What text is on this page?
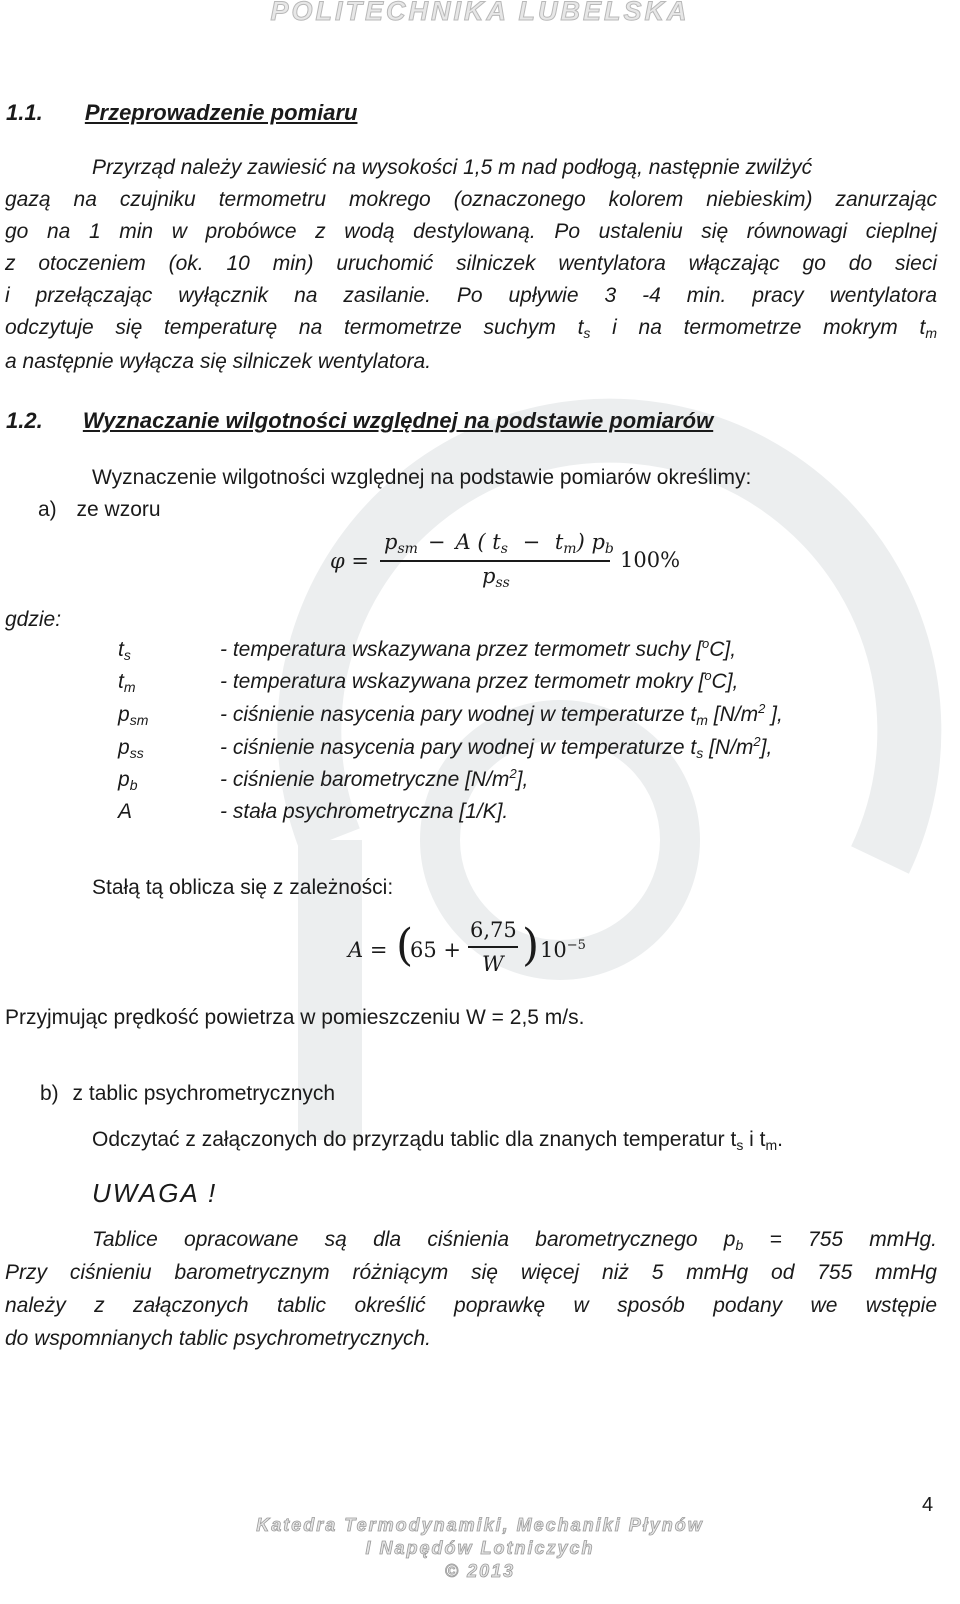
POLITECHNIKA LUBELSKA
1.1. Przeprowadzenie pomiaru
Przyrząd należy zawiesić na wysokości 1,5 m nad podłogą, następnie zwilżyć
gazą na czujniku termometru mokrego (oznaczonego kolorem niebieskim) zanurzając
go na 1 min w probówce z wodą destylowaną. Po ustaleniu się równowagi cieplnej
z otoczeniem (ok. 10 min) uruchomić silniczek wentylatora włączając go do sieci
i przełączając wyłącznik na zasilanie. Po upływie 3 -4 min. pracy wentylatora
odczytuje się temperaturę na termometrze suchym $t_s$ i na termometrze mokrym $t_m$
a następnie wyłącza się silniczek wentylatora.
1.2. Wyznaczanie wilgotności względnej na podstawie pomiarów
Wyznaczenie wilgotności względnej na podstawie pomiarów określimy:
a) ze wzoru
φ =
$p_{sm} - A$ ( $t_s - t_m$) $p_b$
$p_{ss}$
100%
gdzie:
$t_s$	- temperatura wskazywana przez termometr suchy [$^o$C],
$t_m$	- temperatura wskazywana przez termometr mokry [$^o$C],
$p_{sm}$	- ciśnienie nasycenia pary wodnej w temperaturze $t_m$ [$N/m^2$ ],
$p_{ss}$	- ciśnienie nasycenia pary wodnej w temperaturze $t_s$ $[N/m^2]$,
$p_b$	- ciśnienie barometryczne $[N/m^2]$,
A	- stała psychrometryczna [1/K].
Stałą tą oblicza się z zależności:
A = (
65 +
6,75
W ) $10^{-5}$
Przyjmując prędkość powietrza w pomieszczeniu W = 2,5 m/s.
b) z tablic psychrometrycznych
Odczytać z załączonych do przyrządu tablic dla znanych temperatur $t_s$ i $t_m$.
UWAGA !
Tablice opracowane są dla ciśnienia barometrycznego $p_b = 755$ mmHg.
Przy ciśnieniu barometrycznym różniącym się więcej niż 5 mmHg od 755 mmHg
należy z załączonych tablic określić poprawkę w sposób podany we wstępie
do wspomnianych tablic psychrometrycznych.
4
Katedra Termodynamiki, Mechaniki Płynów
I Napędów Lotniczych
© 2013
